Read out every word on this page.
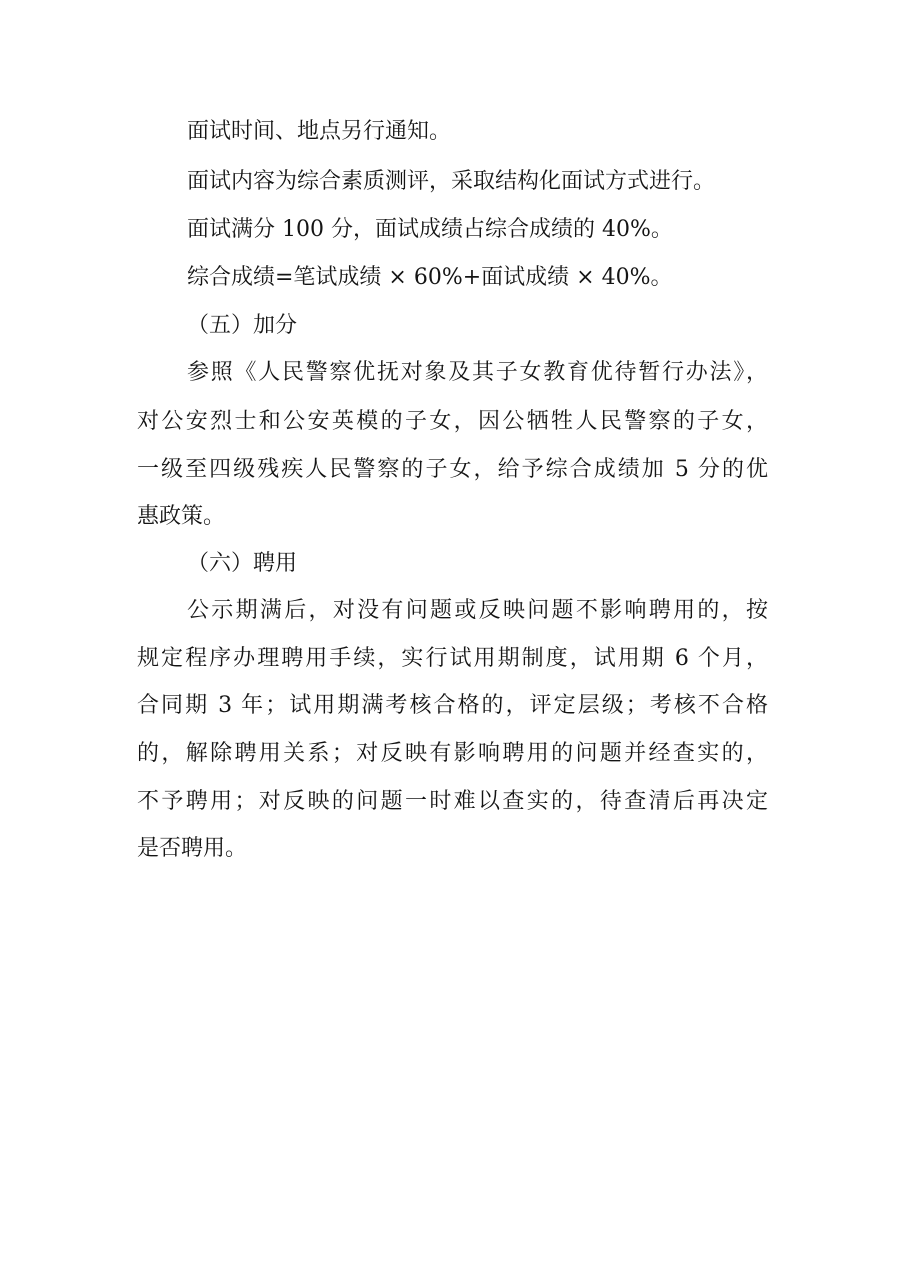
面试时间、地点另行通知。

面试内容为综合素质测评，采取结构化面试方式进行。

面试满分 100 分，面试成绩占综合成绩的 40%。

综合成绩=笔试成绩 × 60%+面试成绩 × 40%。

（五）加分

参照《人民警察优抚对象及其子女教育优待暂行办法》，

对公安烈士和公安英模的子女，因公牺牲人民警察的子女，

一级至四级残疾人民警察的子女，给予综合成绩加 5 分的优

惠政策。

（六）聘用

公示期满后，对没有问题或反映问题不影响聘用的，按

规定程序办理聘用手续，实行试用期制度，试用期 6 个月，

合同期 3 年；试用期满考核合格的，评定层级；考核不合格

的，解除聘用关系；对反映有影响聘用的问题并经查实的，

不予聘用；对反映的问题一时难以查实的，待查清后再决定

是否聘用。
